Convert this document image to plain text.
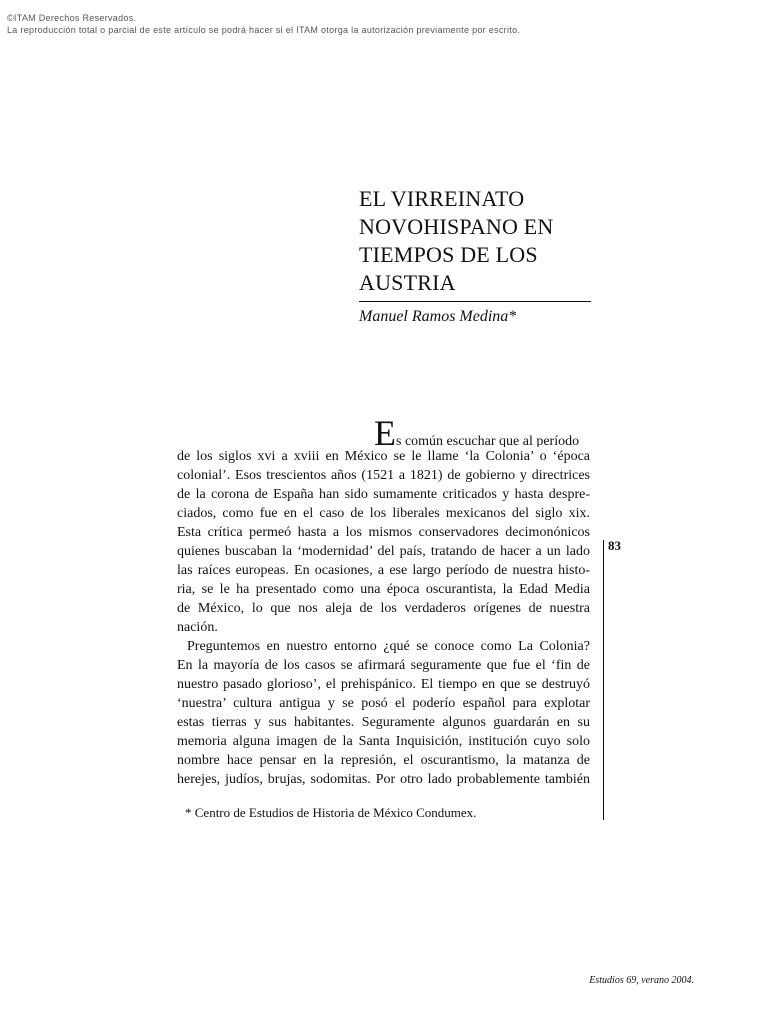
©ITAM Derechos Reservados.
La reproducción total o parcial de este artículo se podrá hacer si el ITAM otorga la autorización previamente por escrito.
EL VIRREINATO
NOVOHISPANO EN
TIEMPOS DE LOS
AUSTRIA
Manuel Ramos Medina*
Es común escuchar que al período
de los siglos xvi a xviii en México se le llame ‘la Colonia’ o ‘época
colonial’. Esos trescientos años (1521 a 1821) de gobierno y directrices
de la corona de España han sido sumamente criticados y hasta despre-
ciados, como fue en el caso de los liberales mexicanos del siglo xix.
Esta crítica permeó hasta a los mismos conservadores decimonónicos
quienes buscaban la ‘modernidad’ del país, tratando de hacer a un lado
las raíces europeas. En ocasiones, a ese largo período de nuestra histo-
ria, se le ha presentado como una época oscurantista, la Edad Media
de México, lo que nos aleja de los verdaderos orígenes de nuestra
nación.
Preguntemos en nuestro entorno ¿qué se conoce como La Colonia?
En la mayoría de los casos se afirmará seguramente que fue el ‘fin de
nuestro pasado glorioso’, el prehispánico. El tiempo en que se destruyó
‘nuestra’ cultura antigua y se posó el poderío español para explotar
estas tierras y sus habitantes. Seguramente algunos guardarán en su
memoria alguna imagen de la Santa Inquisición, institución cuyo solo
nombre hace pensar en la represión, el oscurantismo, la matanza de
herejes, judíos, brujas, sodomitas. Por otro lado probablemente también
83
* Centro de Estudios de Historia de México Condumex.
Estudios 69, verano 2004.
